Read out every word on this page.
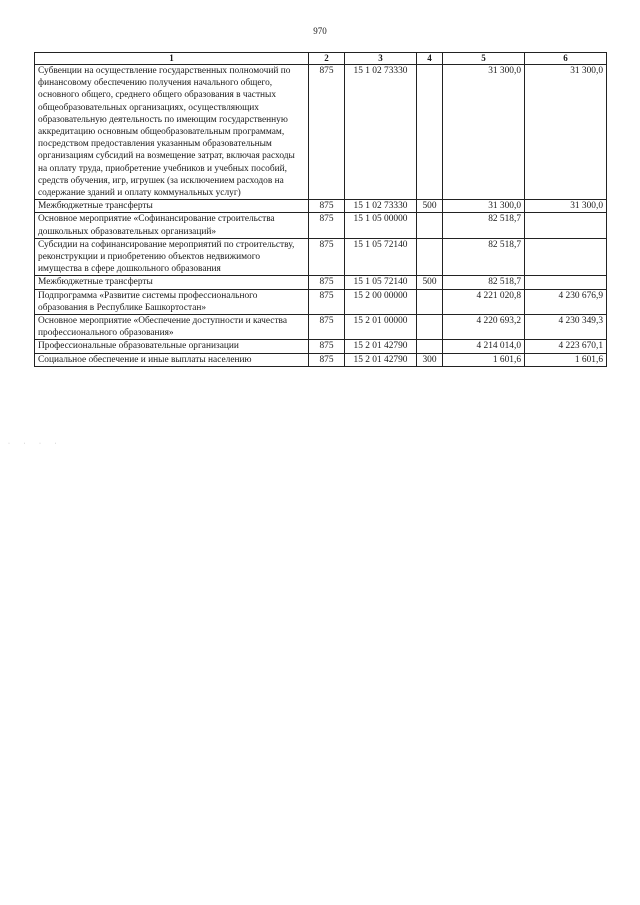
970
1	2	3	4	5	6
Субвенции на осуществление государственных полномочий по финансовому обеспечению получения начального общего, основного общего, среднего общего образования в частных общеобразовательных организациях, осуществляющих образовательную деятельность по имеющим государственную аккредитацию основным общеобразовательным программам, посредством предоставления указанным образовательным организациям субсидий на возмещение затрат, включая расходы на оплату труда, приобретение учебников и учебных пособий, средств обучения, игр, игрушек (за исключением расходов на содержание зданий и оплату коммунальных услуг)	875	15 1 02 73330		31 300,0	31 300,0
Межбюджетные трансферты	875	15 1 02 73330	500	31 300,0	31 300,0
Основное мероприятие «Софинансирование строительства дошкольных образовательных организаций»	875	15 1 05 00000		82 518,7	
Субсидии на софинансирование мероприятий по строительству, реконструкции и приобретению объектов недвижимого имущества в сфере дошкольного образования	875	15 1 05 72140		82 518,7	
Межбюджетные трансферты	875	15 1 05 72140	500	82 518,7	
Подпрограмма «Развитие системы профессионального образования в Республике Башкортостан»	875	15 2 00 00000		4 221 020,8	4 230 676,9
Основное мероприятие «Обеспечение доступности и качества профессионального образования»	875	15 2 01 00000		4 220 693,2	4 230 349,3
Профессиональные образовательные организации	875	15 2 01 42790		4 214 014,0	4 223 670,1
Социальное обеспечение и иные выплаты населению	875	15 2 01 42790	300	1 601,6	1 601,6
· · · ·
